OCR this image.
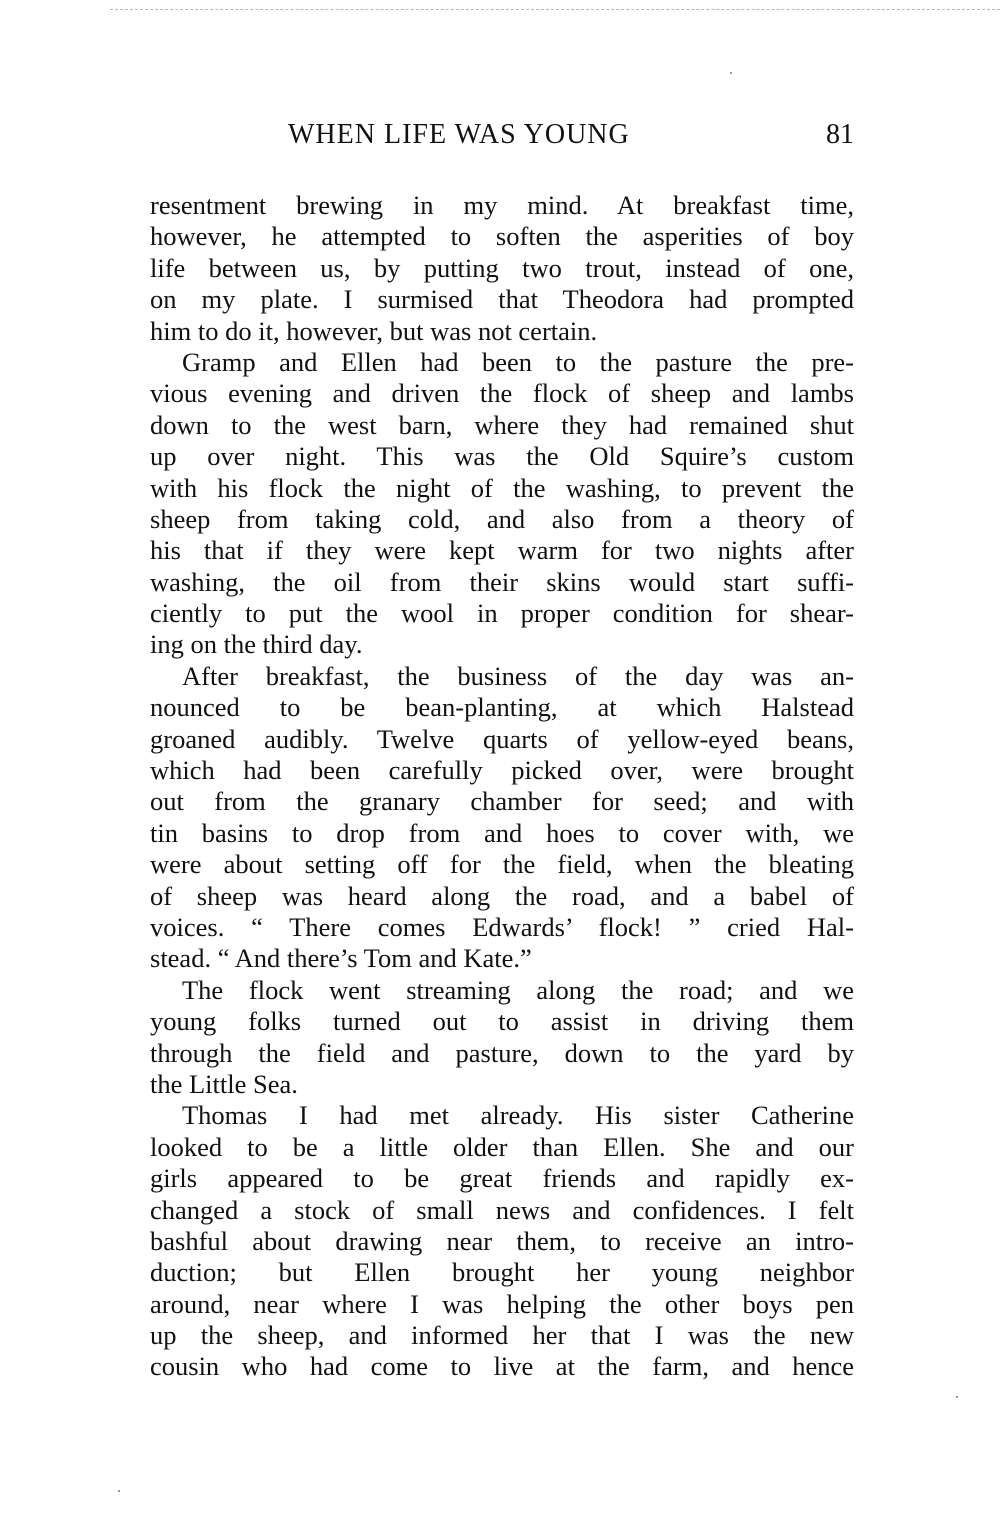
WHEN LIFE WAS YOUNG	81
resentment brewing in my mind. At breakfast time,
however, he attempted to soften the asperities of boy
life between us, by putting two trout, instead of one,
on my plate. I surmised that Theodora had prompted
him to do it, however, but was not certain.
Gramp and Ellen had been to the pasture the pre-
vious evening and driven the flock of sheep and lambs
down to the west barn, where they had remained shut
up over night. This was the Old Squire’s custom
with his flock the night of the washing, to prevent the
sheep from taking cold, and also from a theory of
his that if they were kept warm for two nights after
washing, the oil from their skins would start suffi-
ciently to put the wool in proper condition for shear-
ing on the third day.
After breakfast, the business of the day was an-
nounced to be bean-planting, at which Halstead
groaned audibly. Twelve quarts of yellow-eyed beans,
which had been carefully picked over, were brought
out from the granary chamber for seed; and with
tin basins to drop from and hoes to cover with, we
were about setting off for the field, when the bleating
of sheep was heard along the road, and a babel of
voices. “ There comes Edwards’ flock! ” cried Hal-
stead. “ And there’s Tom and Kate.”
The flock went streaming along the road; and we
young folks turned out to assist in driving them
through the field and pasture, down to the yard by
the Little Sea.
Thomas I had met already. His sister Catherine
looked to be a little older than Ellen. She and our
girls appeared to be great friends and rapidly ex-
changed a stock of small news and confidences. I felt
bashful about drawing near them, to receive an intro-
duction; but Ellen brought her young neighbor
around, near where I was helping the other boys pen
up the sheep, and informed her that I was the new
cousin who had come to live at the farm, and hence
